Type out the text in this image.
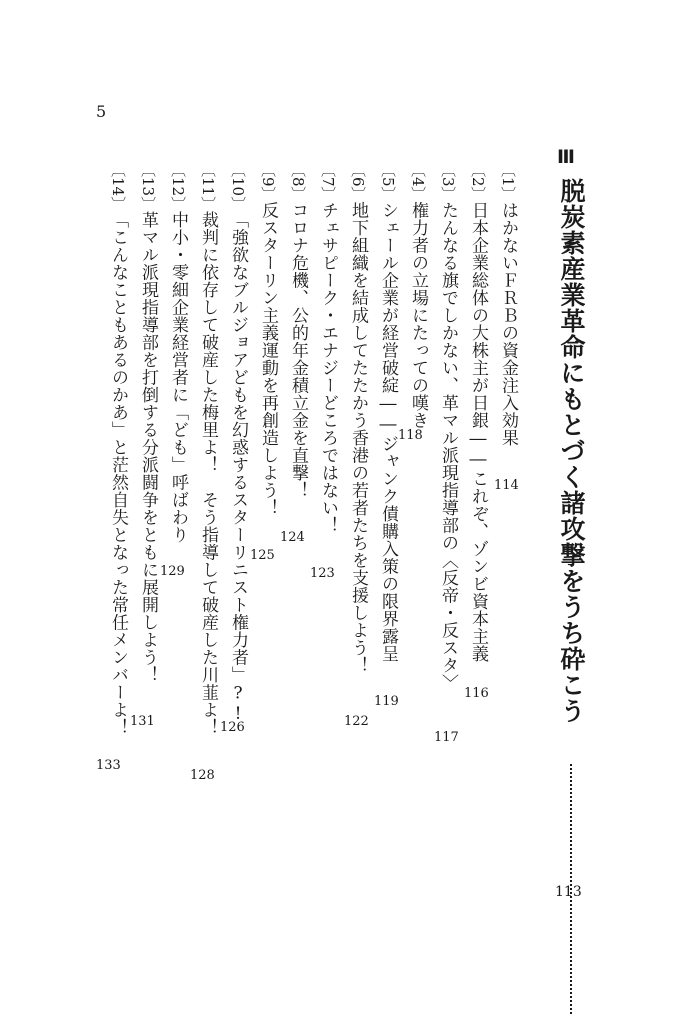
5
Ⅲ
脱炭素産業革命にもとづく諸攻撃をうち砕こう
113
〔1〕はかないＦＲＢの資金注入効果
114
〔2〕日本企業総体の大株主が日銀――これぞ、ゾンビ資本主義
116
〔3〕たんなる旗でしかない、革マル派現指導部の〈反帝・反スタ〉
117
〔4〕権力者の立場にたっての嘆き
118
〔5〕シェール企業が経営破綻――ジャンク債購入策の限界露呈
119
〔6〕地下組織を結成してたたかう香港の若者たちを支援しよう！
122
〔7〕チェサピーク・エナジーどころではない！
123
〔8〕コロナ危機、公的年金積立金を直撃！
124
〔9〕反スターリン主義運動を再創造しよう！
125
〔10〕「強欲なブルジョアどもを幻惑するスターリニスト権力者」?!
126
〔11〕裁判に依存して破産した梅里よ！　そう指導して破産した川韮よ！
128
〔12〕中小・零細企業経営者に「ども」呼ばわり
129
〔13〕革マル派現指導部を打倒する分派闘争をともに展開しよう！
131
〔14〕「こんなこともあるのかあ」と茫然自失となった常任メンバーよ！
133
